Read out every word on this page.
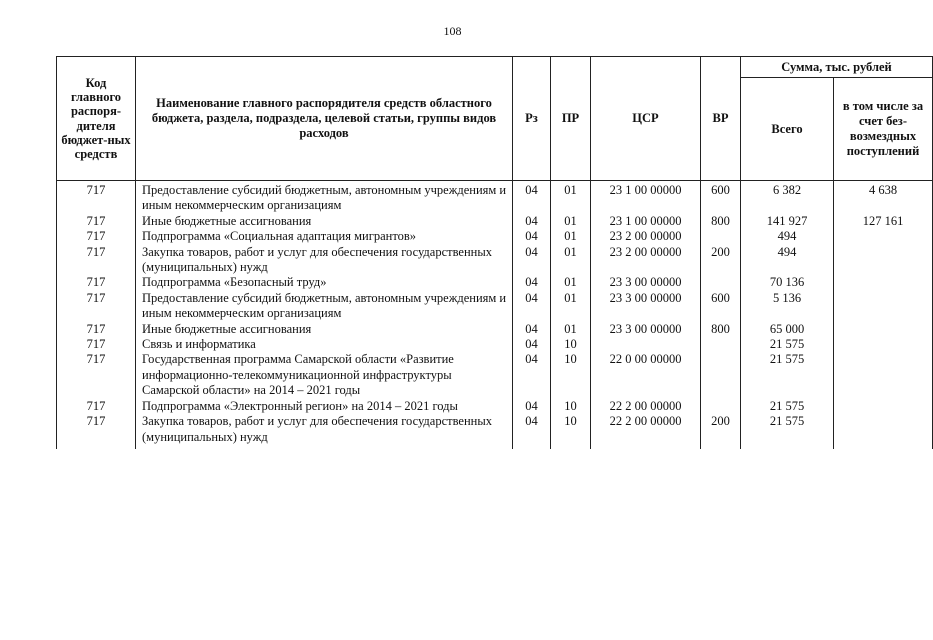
108
Код главного распоря-дителя бюджет-ных средств	Наименование главного распорядителя средств областного бюджета, раздела, подраздела, целевой статьи, группы видов расходов	Рз	ПР	ЦСР	ВР	Сумма, тыс. рублей	
						Всего	в том числе за счет без-возмездных поступлений
717	Предоставление субсидий бюджетным, автономным учреждениям и иным некоммерческим организациям	04	01	23 1 00 00000	600	6 382	4 638
717	Иные бюджетные ассигнования	04	01	23 1 00 00000	800	141 927	127 161
717	Подпрограмма «Социальная адаптация мигрантов»	04	01	23 2 00 00000		494	
717	Закупка товаров, работ и услуг для обеспечения государственных (муниципальных) нужд	04	01	23 2 00 00000	200	494	
717	Подпрограмма «Безопасный труд»	04	01	23 3 00 00000		70 136	
717	Предоставление субсидий бюджетным, автономным учреждениям и иным некоммерческим организациям	04	01	23 3 00 00000	600	5 136	
717	Иные бюджетные ассигнования	04	01	23 3 00 00000	800	65 000	
717	Связь и информатика	04	10			21 575	
717	Государственная программа Самарской области «Развитие информационно-телекоммуникационной инфраструктуры Самарской области» на 2014 – 2021 годы	04	10	22 0 00 00000		21 575	
717	Подпрограмма «Электронный регион» на 2014 – 2021 годы	04	10	22 2 00 00000		21 575	
717	Закупка товаров, работ и услуг для обеспечения государственных (муниципальных) нужд	04	10	22 2 00 00000	200	21 575	
